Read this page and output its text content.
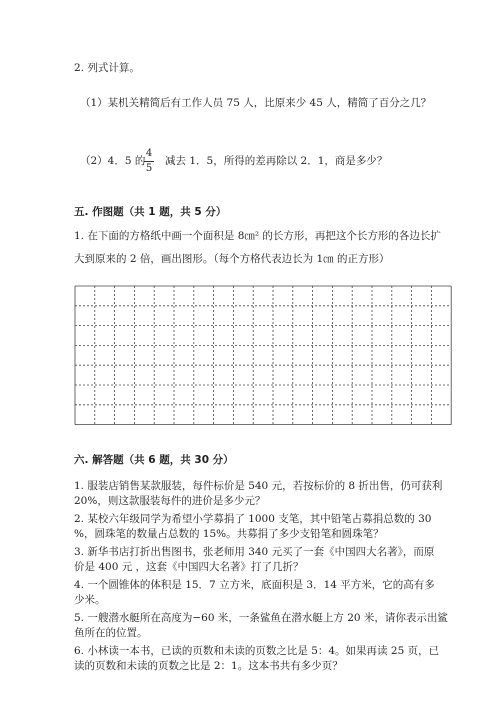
2. 列式计算。
（1）某机关精简后有工作人员 75 人，比原来少 45 人，精简了百分之几？
（2）4．5 的
4
5
减去 1．5，所得的差再除以 2．1，商是多少？
五. 作图题（共 1 题，共 5 分）
1. 在下面的方格纸中画一个面积是 8㎝² 的长方形，再把这个长方形的各边长扩
大到原来的 2 倍，画出图形。（每个方格代表边长为 1㎝ 的正方形）
六. 解答题（共 6 题，共 30 分）
1. 服装店销售某款服装，每件标价是 540 元，若按标价的 8 折出售，仍可获利
20%，则这款服装每件的进价是多少元？
2. 某校六年级同学为希望小学募捐了 1000 支笔，其中铅笔占募捐总数的 30
%，圆珠笔的数量占总数的 15%。共募捐了多少支铅笔和圆珠笔？
3. 新华书店打折出售图书，张老师用 340 元买了一套《中国四大名著》，而原
价是 400 元 ，这套《中国四大名著》打了几折？
4. 一个圆锥体的体积是 15．7 立方米，底面积是 3．14 平方米，它的高有多
少米。
5. 一艘潜水艇所在高度为−60 米，一条鲨鱼在潜水艇上方 20 米，请你表示出鲨
鱼所在的位置。
6. 小林读一本书，已读的页数和未读的页数之比是 5：4。如果再读 25 页，已
读的页数和未读的页数之比是 2：1。这本书共有多少页？
